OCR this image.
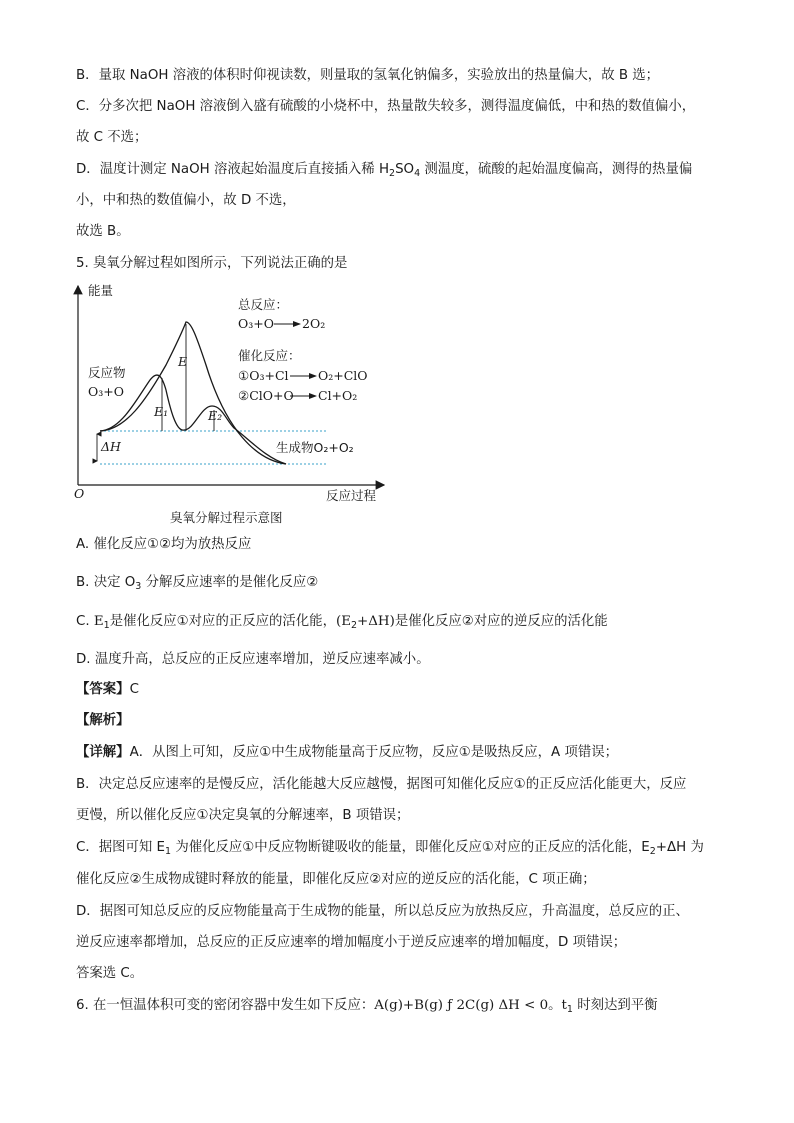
B．量取 NaOH 溶液的体积时仰视读数，则量取的氢氧化钠偏多，实验放出的热量偏大，故 B 选；
C．分多次把 NaOH 溶液倒入盛有硫酸的小烧杯中，热量散失较多，测得温度偏低，中和热的数值偏小，
故 C 不选；
D．温度计测定 NaOH 溶液起始温度后直接插入稀 $H_2SO_4$ 测温度，硫酸的起始温度偏高，测得的热量偏
小，中和热的数值偏小，故 D 不选，
故选 B。
5. 臭氧分解过程如图所示，下列说法正确的是
能量
反应过程
O
E
E₁	E₂
ΔH
反应物
O₃+O
生成物O₂+O₂
总反应：
O₃+O 2O₂
催化反应：
①O₃+Cl O₂+ClO
②ClO+O Cl+O₂
臭氧分解过程示意图
A. 催化反应①②均为放热反应
B. 决定 $O_3$ 分解反应速率的是催化反应②
C. $E_1$是催化反应①对应的正反应的活化能，$(E_2+\Delta H)$是催化反应②对应的逆反应的活化能
D. 温度升高，总反应的正反应速率增加，逆反应速率减小。
【答案】C
【解析】
【详解】A．从图上可知，反应①中生成物能量高于反应物，反应①是吸热反应，A 项错误；
B．决定总反应速率的是慢反应，活化能越大反应越慢，据图可知催化反应①的正反应活化能更大，反应
更慢，所以催化反应①决定臭氧的分解速率，B 项错误；
C．据图可知 $E_1$ 为催化反应①中反应物断键吸收的能量，即催化反应①对应的正反应的活化能，$E_2+\Delta H$ 为
催化反应②生成物成键时释放的能量，即催化反应②对应的逆反应的活化能，C 项正确；
D．据图可知总反应的反应物能量高于生成物的能量，所以总反应为放热反应，升高温度，总反应的正、
逆反应速率都增加，总反应的正反应速率的增加幅度小于逆反应速率的增加幅度，D 项错误；
答案选 C。
6. 在一恒温体积可变的密闭容器中发生如下反应：A(g)+B(g) ƒ 2C(g) ΔH < 0。$t_1$ 时刻达到平衡
